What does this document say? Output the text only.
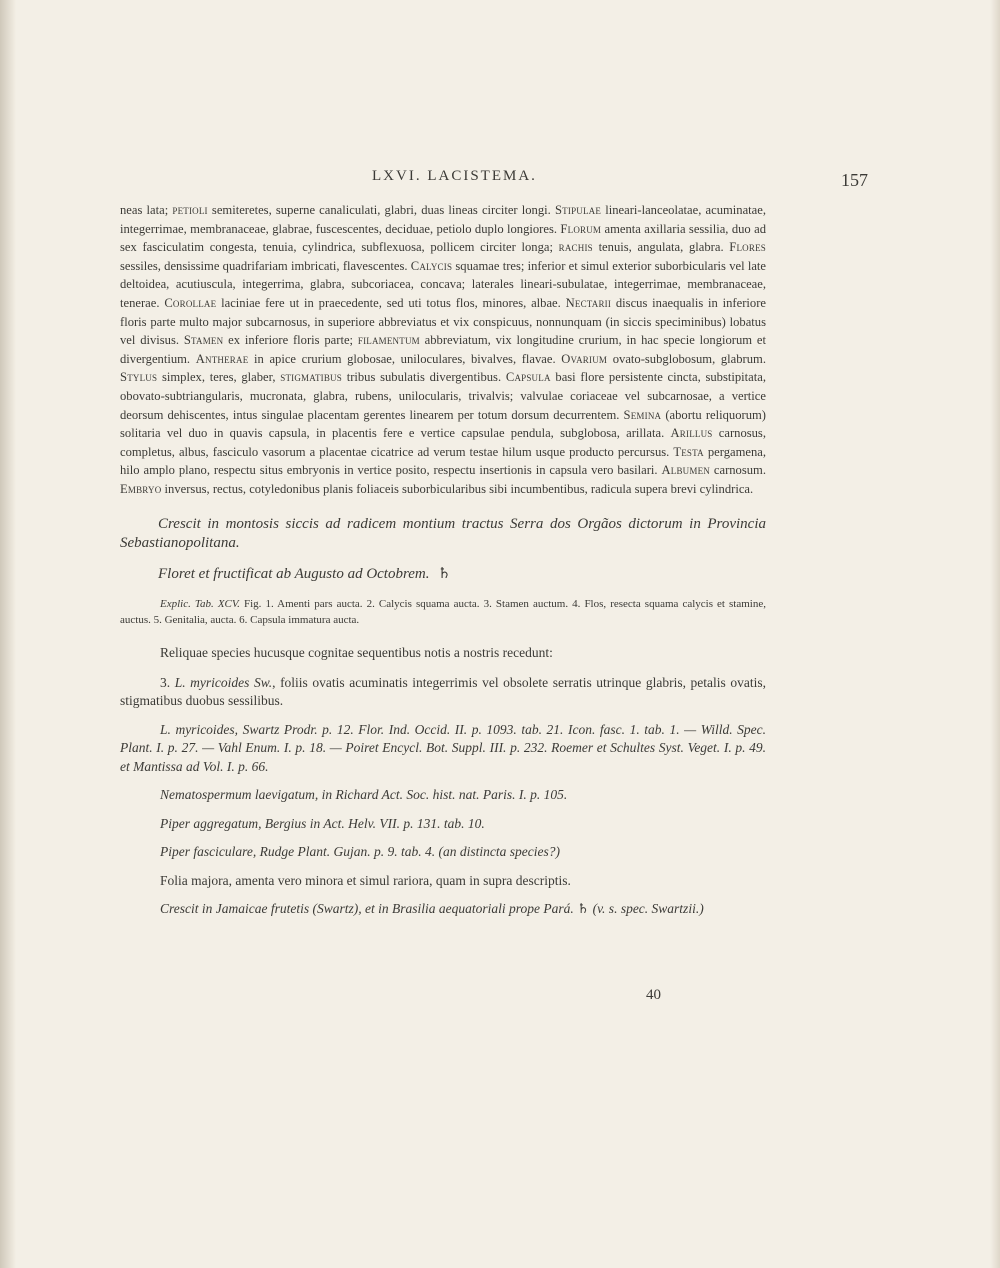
LXVI. LACISTEMA.	157

neas lata; petioli semiteretes, superne canaliculati, glabri, duas lineas circiter longi. Stipulae lineari-lanceolatae, acuminatae, integerrimae, membranaceae, glabrae, fuscescentes, deciduae, petiolo duplo longiores. Florum amenta axillaria sessilia, duo ad sex fasciculatim congesta, tenuia, cylindrica, subflexuosa, pollicem circiter longa; rachis tenuis, angulata, glabra. Flores sessiles, densissime quadrifariam imbricati, flavescentes. Calycis squamae tres; inferior et simul exterior suborbicularis vel late deltoidea, acutiuscula, integerrima, glabra, subcoriacea, concava; laterales lineari-subulatae, integerrimae, membranaceae, tenerae. Corollae laciniae fere ut in praecedente, sed uti totus flos, minores, albae. Nectarii discus inaequalis in inferiore floris parte multo major subcarnosus, in superiore abbreviatus et vix conspicuus, nonnunquam (in siccis speciminibus) lobatus vel divisus. Stamen ex inferiore floris parte; filamentum abbreviatum, vix longitudine crurium, in hac specie longiorum et divergentium. Antherae in apice crurium globosae, uniloculares, bivalves, flavae. Ovarium ovato-subglobosum, glabrum. Stylus simplex, teres, glaber, stigmatibus tribus subulatis divergentibus. Capsula basi flore persistente cincta, substipitata, obovato-subtriangularis, mucronata, glabra, rubens, unilocularis, trivalvis; valvulae coriaceae vel subcarnosae, a vertice deorsum dehiscentes, intus singulae placentam gerentes linearem per totum dorsum decurrentem. Semina (abortu reliquorum) solitaria vel duo in quavis capsula, in placentis fere e vertice capsulae pendula, subglobosa, arillata. Arillus carnosus, completus, albus, fasciculo vasorum a placentae cicatrice ad verum testae hilum usque producto percursus. Testa pergamena, hilo amplo plano, respectu situs embryonis in vertice posito, respectu insertionis in capsula vero basilari. Albumen carnosum. Embryo inversus, rectus, cotyledonibus planis foliaceis suborbicularibus sibi incumbentibus, radicula supera brevi cylindrica.

Crescit in montosis siccis ad radicem montium tractus Serra dos Orgãos dictorum in Provincia Sebastianopolitana.

Floret et fructificat ab Augusto ad Octobrem. ♄

Explic. Tab. XCV. Fig. 1. Amenti pars aucta. 2. Calycis squama aucta. 3. Stamen auctum. 4. Flos, resecta squama calycis et stamine, auctus. 5. Genitalia, aucta. 6. Capsula immatura aucta.

Reliquae species hucusque cognitae sequentibus notis a nostris recedunt:

3. L. myricoides Sw., foliis ovatis acuminatis integerrimis vel obsolete serratis utrinque glabris, petalis ovatis, stigmatibus duobus sessilibus.

L. myricoides, Swartz Prodr. p. 12. Flor. Ind. Occid. II. p. 1093. tab. 21. Icon. fasc. 1. tab. 1. — Willd. Spec. Plant. I. p. 27. — Vahl Enum. I. p. 18. — Poiret Encycl. Bot. Suppl. III. p. 232. Roemer et Schultes Syst. Veget. I. p. 49. et Mantissa ad Vol. I. p. 66.

Nematospermum laevigatum, in Richard Act. Soc. hist. nat. Paris. I. p. 105.

Piper aggregatum, Bergius in Act. Helv. VII. p. 131. tab. 10.

Piper fasciculare, Rudge Plant. Gujan. p. 9. tab. 4. (an distincta species?)

Folia majora, amenta vero minora et simul rariora, quam in supra descriptis.

Crescit in Jamaicae frutetis (Swartz), et in Brasilia aequatoriali prope Pará. ♄ (v. s. spec. Swartzii.)

40
